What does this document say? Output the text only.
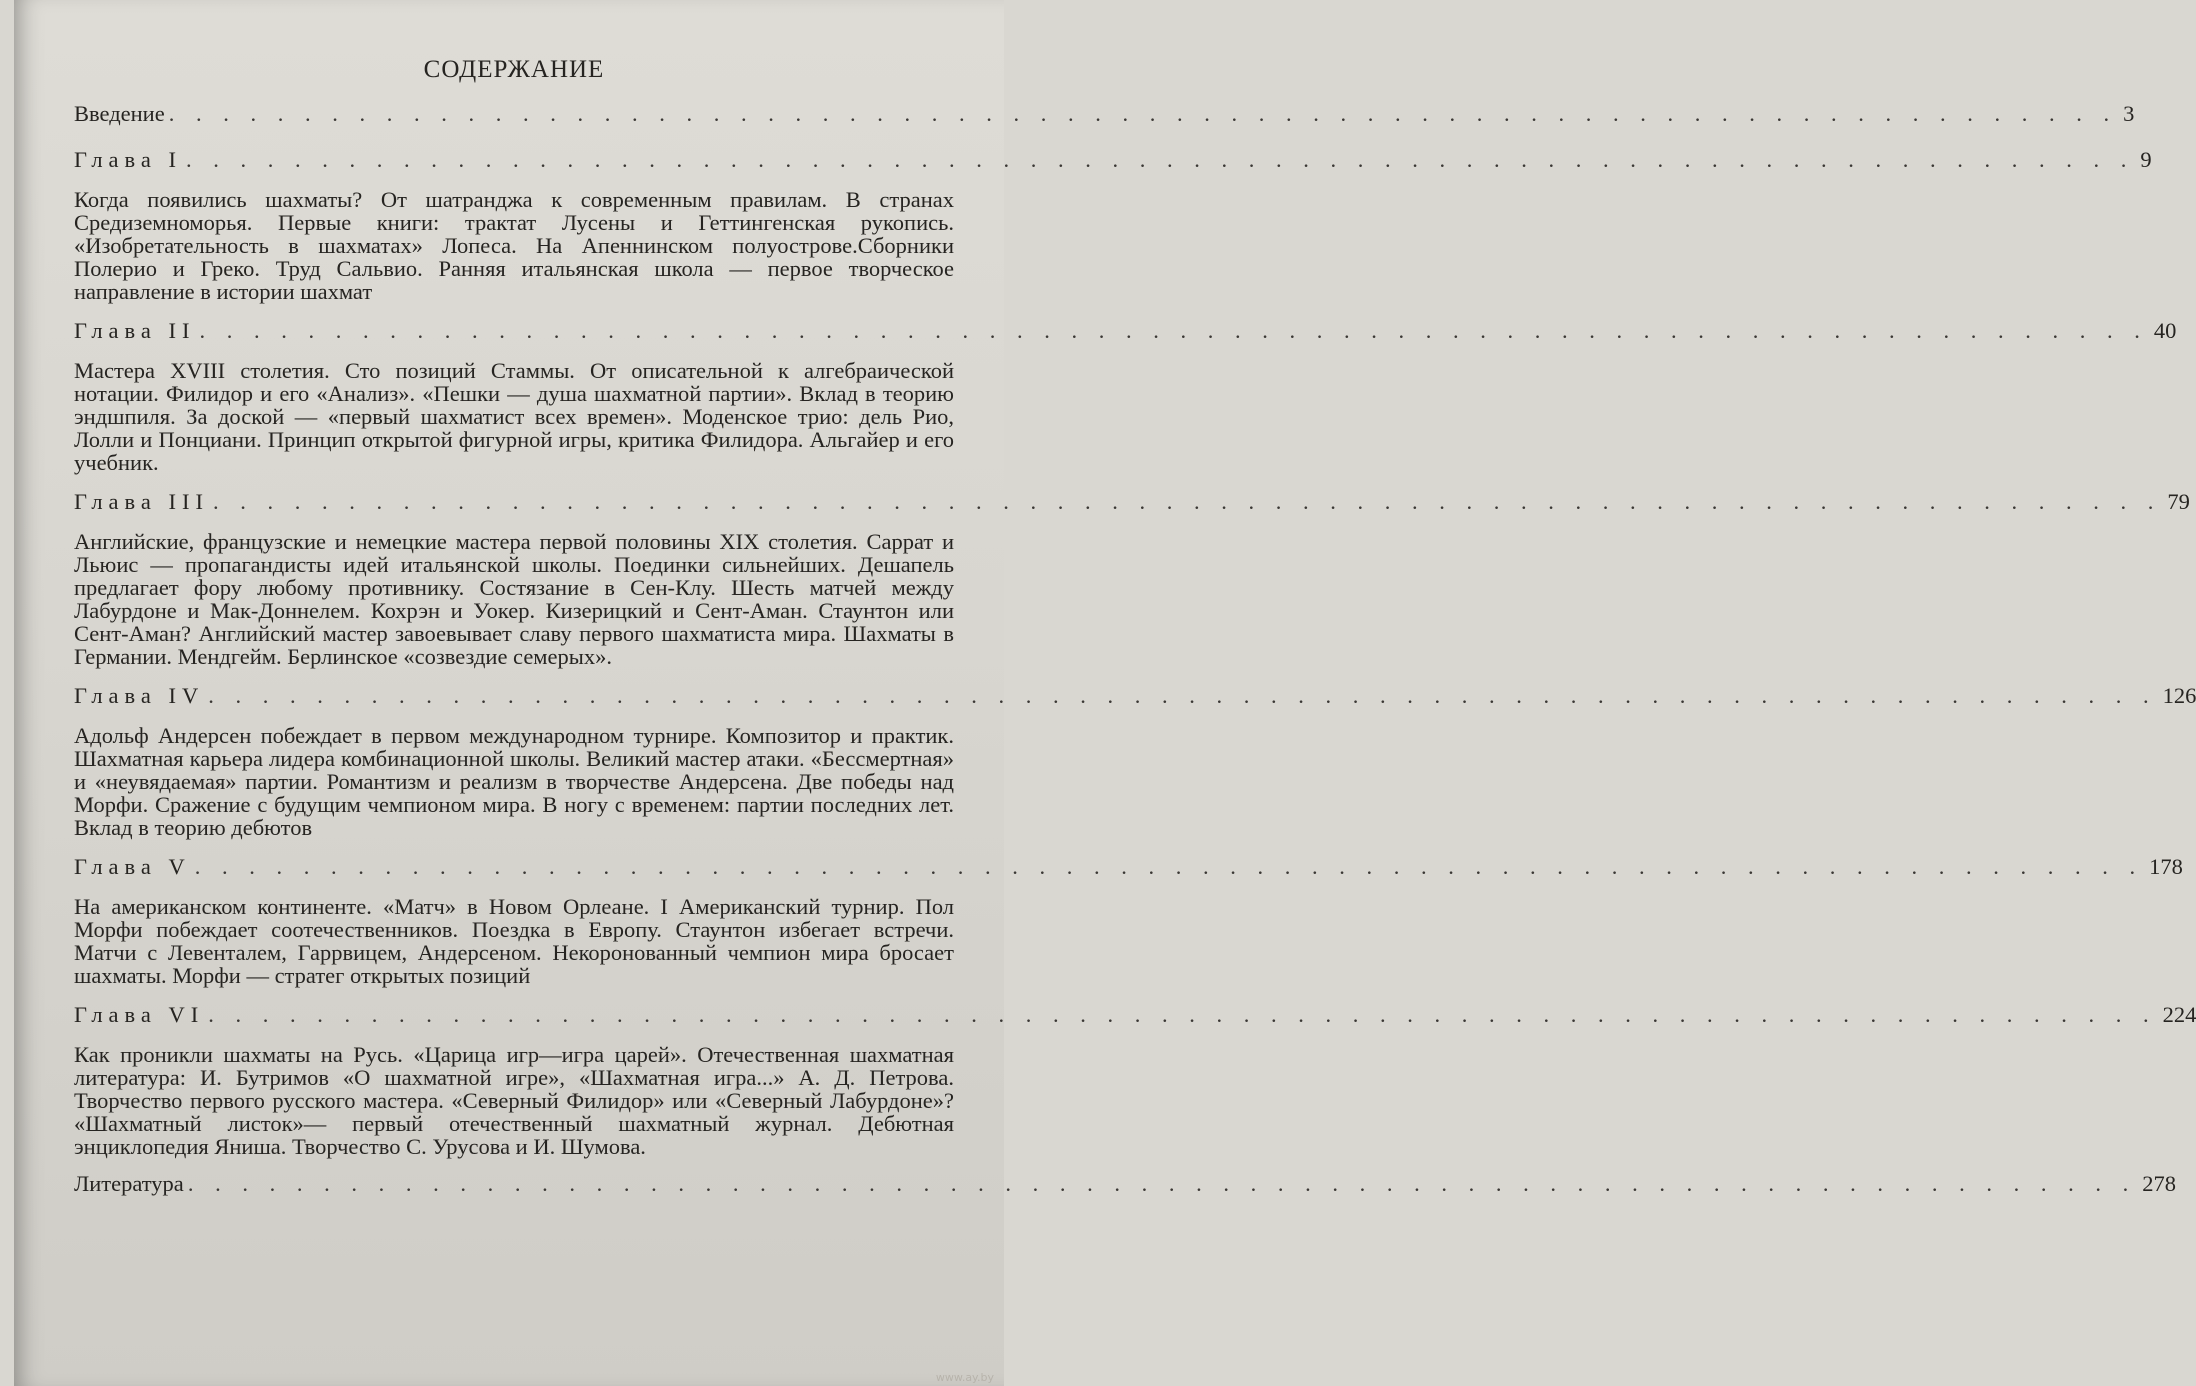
СОДЕРЖАНИЕ
Введение . . . . . . . . . . . . . . . . . . . . . . . . . . . . . . . . . . . . . . . . . . . . . . . . . . . . . . . . . . . . . . . . . . . . . . . . 3
Глава I . . . . . . . . . . . . . . . . . . . . . . . . . . . . . . . . . . . . . . . . . . . . . . . . . . . . . . . . . . . . . . . . . . . . . . . . 9
Когда появились шахматы? От шатранджа к современным правилам. В странах Средиземноморья. Первые книги: трактат Лусены и Геттингенская рукопись. «Изобретательность в шахматах» Лопеса. На Апеннинском полуострове.Сборники Полерио и Греко. Труд Сальвио. Ранняя итальянская школа — первое творческое направление в истории шахмат
Глава II . . . . . . . . . . . . . . . . . . . . . . . . . . . . . . . . . . . . . . . . . . . . . . . . . . . . . . . . . . . . . . . . . . . . . . . . 40
Мастера XVIII столетия. Сто позиций Стаммы. От описательной к алгебраической нотации. Филидор и его «Анализ». «Пешки — душа шахматной партии». Вклад в теорию эндшпиля. За доской — «первый шахматист всех времен». Моденское трио: дель Рио, Лолли и Понциани. Принцип открытой фигурной игры, критика Филидора. Альгайер и его учебник.
Глава III . . . . . . . . . . . . . . . . . . . . . . . . . . . . . . . . . . . . . . . . . . . . . . . . . . . . . . . . . . . . . . . . . . . . . . . . 79
Английские, французские и немецкие мастера первой половины XIX столетия. Саррат и Льюис — пропагандисты идей итальянской школы. Поединки сильнейших. Дешапель предлагает фору любому противнику. Состязание в Сен-Клу. Шесть матчей между Лабурдоне и Мак-Доннелем. Кохрэн и Уокер. Кизерицкий и Сент-Аман. Стаунтон или Сент-Аман? Английский мастер завоевывает славу первого шахматиста мира. Шахматы в Германии. Мендгейм. Берлинское «созвездие семерых».
Глава IV . . . . . . . . . . . . . . . . . . . . . . . . . . . . . . . . . . . . . . . . . . . . . . . . . . . . . . . . . . . . . . . . . . . . . . . . 126
Адольф Андерсен побеждает в первом международном турнире. Композитор и практик. Шахматная карьера лидера комбинационной школы. Великий мастер атаки. «Бессмертная» и «неувядаемая» партии. Романтизм и реализм в творчестве Андерсена. Две победы над Морфи. Сражение с будущим чемпионом мира. В ногу с временем: партии последних лет. Вклад в теорию дебютов
Глава V . . . . . . . . . . . . . . . . . . . . . . . . . . . . . . . . . . . . . . . . . . . . . . . . . . . . . . . . . . . . . . . . . . . . . . . . 178
На американском континенте. «Матч» в Новом Орлеане. I Американский турнир. Пол Морфи побеждает соотечественников. Поездка в Европу. Стаунтон избегает встречи. Матчи с Левенталем, Гаррвицем, Андерсеном. Некоронованный чемпион мира бросает шахматы. Морфи — стратег открытых позиций
Глава VI . . . . . . . . . . . . . . . . . . . . . . . . . . . . . . . . . . . . . . . . . . . . . . . . . . . . . . . . . . . . . . . . . . . . . . . . 224
Как проникли шахматы на Русь. «Царица игр—игра царей». Отечественная шахматная литература: И. Бутримов «О шахматной игре», «Шахматная игра...» А. Д. Петрова. Творчество первого русского мастера. «Северный Филидор» или «Северный Лабурдоне»? «Шахматный листок»— первый отечественный шахматный журнал. Дебютная энциклопедия Яниша. Творчество С. Урусова и И. Шумова.
Литература . . . . . . . . . . . . . . . . . . . . . . . . . . . . . . . . . . . . . . . . . . . . . . . . . . . . . . . . . . . . . . . . . . . . . . . . 278
www.ay.by
